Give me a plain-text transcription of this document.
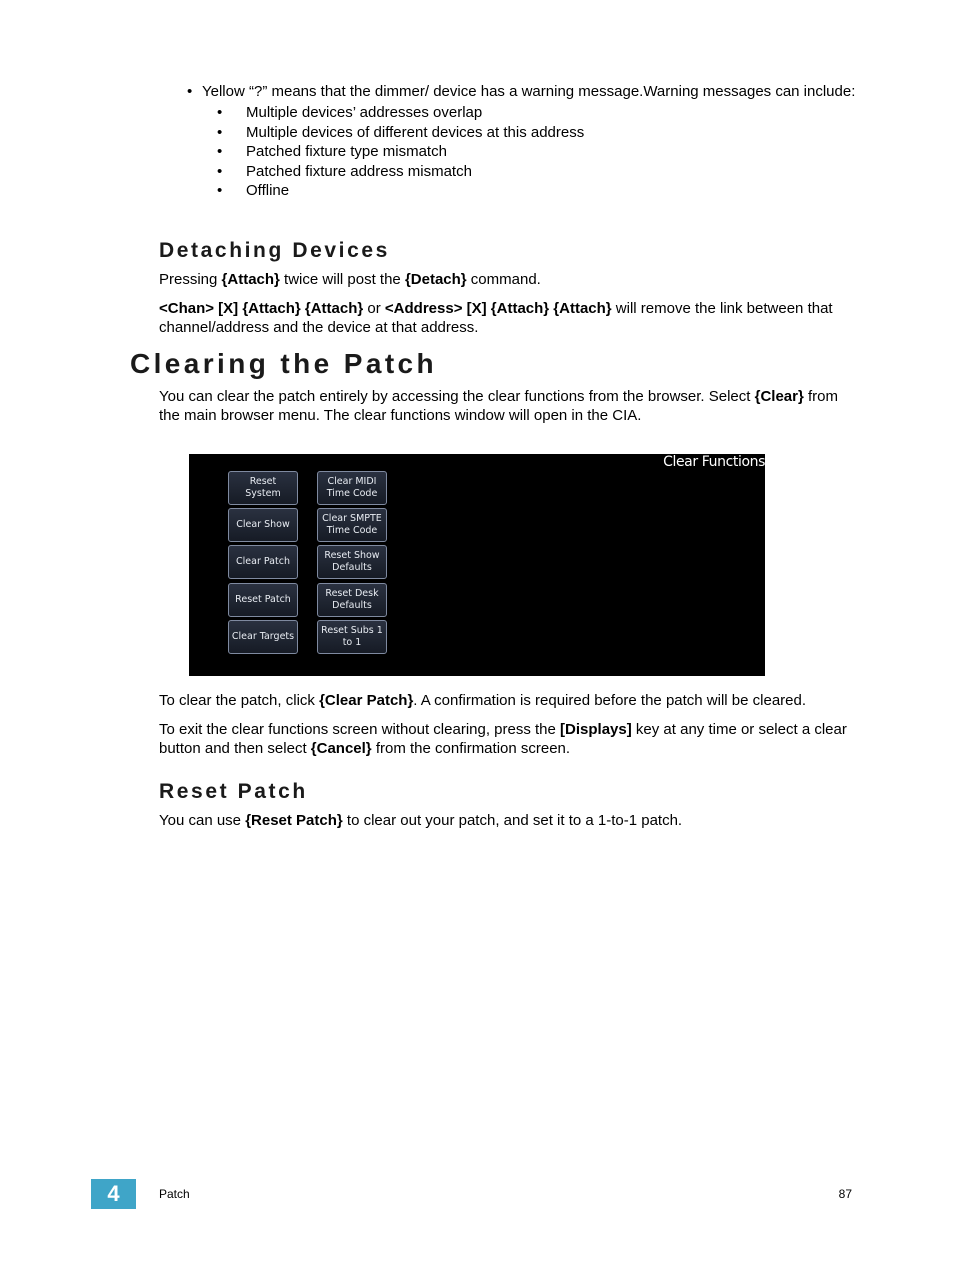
• Yellow “?” means that the dimmer/ device has a warning message.Warning messages can include:
• Multiple devices’ addresses overlap
• Multiple devices of different devices at this address
• Patched fixture type mismatch
• Patched fixture address mismatch
• Offline
Detaching Devices

Pressing {Attach} twice will post the {Detach} command.

<Chan> [X] {Attach} {Attach} or <Address> [X] {Attach} {Attach} will remove the link between that channel/address and the device at that address.

Clearing the Patch

You can clear the patch entirely by accessing the clear functions from the browser. Select {Clear} from the main browser menu. The clear functions window will open in the CIA.

Clear Functions
Reset System
Clear Show
Clear Patch
Reset Patch
Clear Targets
Clear MIDI
Time Code
Clear SMPTE
Time Code
Reset Show
Defaults
Reset Desk
Defaults
Reset Subs 1
to 1

To clear the patch, click {Clear Patch}. A confirmation is required before the patch will be cleared.

To exit the clear functions screen without clearing, press the [Displays] key at any time or select a clear button and then select {Cancel} from the confirmation screen.

Reset Patch

You can use {Reset Patch} to clear out your patch, and set it to a 1-to-1 patch.

4	Patch	87
